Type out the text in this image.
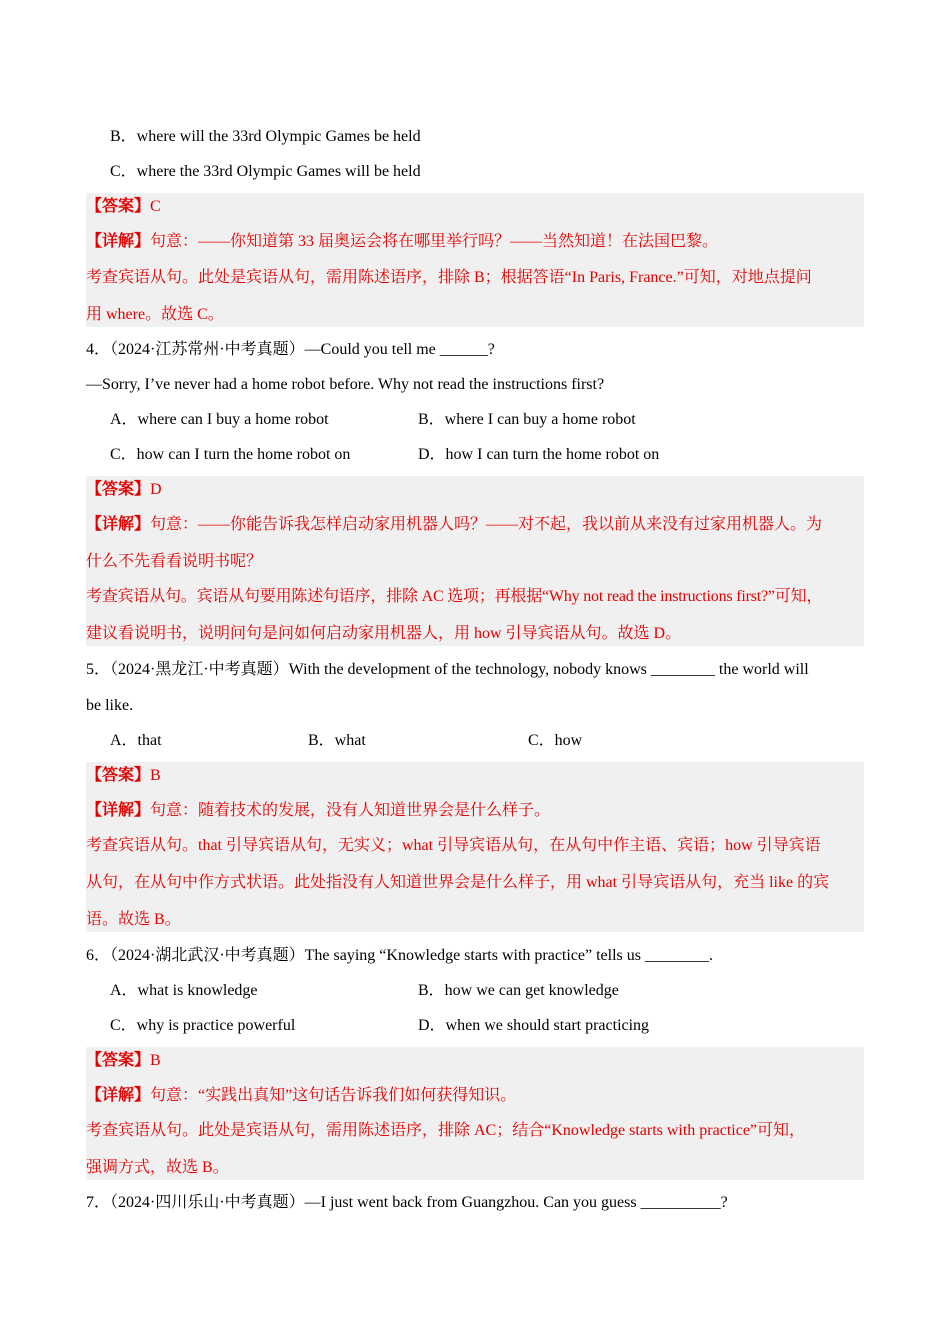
B．where will the 33rd Olympic Games be held
C．where the 33rd Olympic Games will be held
【答案】C
【详解】句意：——你知道第 33 届奥运会将在哪里举行吗？——当然知道！在法国巴黎。
考查宾语从句。此处是宾语从句，需用陈述语序，排除 B；根据答语“In Paris, France.”可知，对地点提问
用 where。故选 C。
4．（2024·江苏常州·中考真题）—Could you tell me ______?
—Sorry, I’ve never had a home robot before. Why not read the instructions first?
A．where can I buy a home robot	B．where I can buy a home robot
C．how can I turn the home robot on	D．how I can turn the home robot on
【答案】D
【详解】句意：——你能告诉我怎样启动家用机器人吗？——对不起，我以前从来没有过家用机器人。为
什么不先看看说明书呢？
考查宾语从句。宾语从句要用陈述句语序，排除 AC 选项；再根据“Why not read the instructions first?”可知，
建议看说明书，说明问句是问如何启动家用机器人，用 how 引导宾语从句。故选 D。
5．（2024·黑龙江·中考真题）With the development of the technology, nobody knows ________ the world will
be like.
A．that	B．what	C．how
【答案】B
【详解】句意：随着技术的发展，没有人知道世界会是什么样子。
考查宾语从句。that 引导宾语从句，无实义；what 引导宾语从句，在从句中作主语、宾语；how 引导宾语
从句，在从句中作方式状语。此处指没有人知道世界会是什么样子，用 what 引导宾语从句，充当 like 的宾
语。故选 B。
6．（2024·湖北武汉·中考真题）The saying “Knowledge starts with practice” tells us ________.
A．what is knowledge	B．how we can get knowledge
C．why is practice powerful	D．when we should start practicing
【答案】B
【详解】句意：“实践出真知”这句话告诉我们如何获得知识。
考查宾语从句。此处是宾语从句，需用陈述语序，排除 AC；结合“Knowledge starts with practice”可知，
强调方式，故选 B。
7．（2024·四川乐山·中考真题）—I just went back from Guangzhou. Can you guess __________?
